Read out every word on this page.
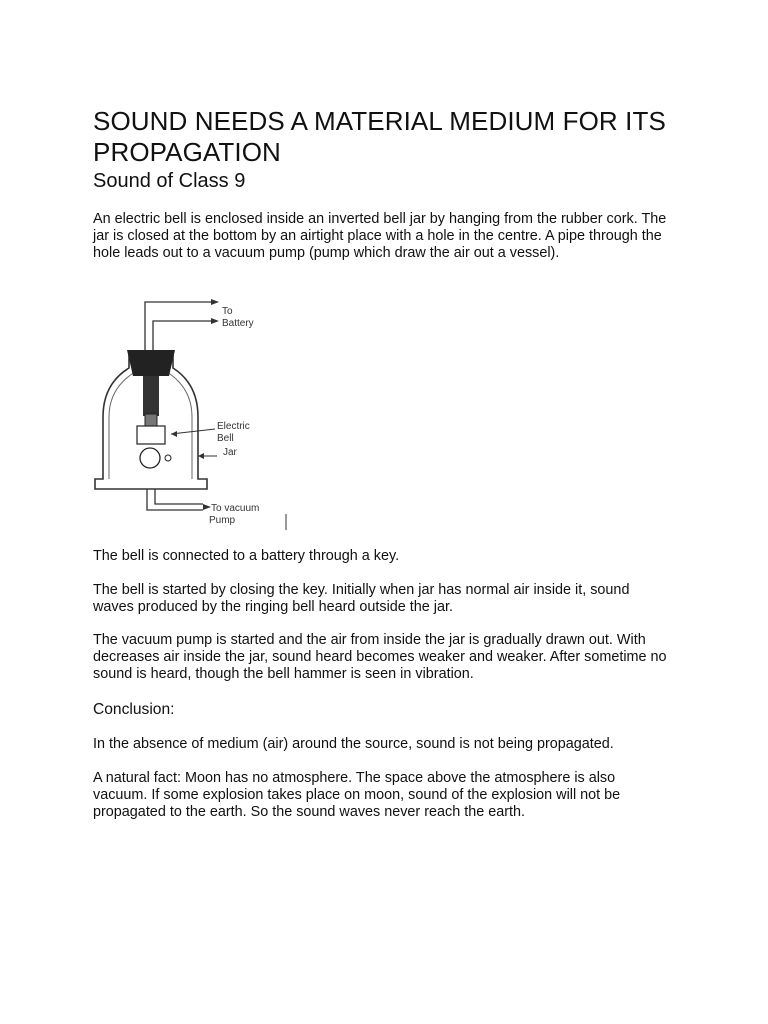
SOUND NEEDS A MATERIAL MEDIUM FOR ITS PROPAGATION
Sound of Class 9

An electric bell is enclosed inside an inverted bell jar by hanging from the rubber cork. The jar is closed at the bottom by an airtight place with a hole in the centre. A pipe through the hole leads out to a vacuum pump (pump which draw the air out a vessel).

To
Battery
Electric
Bell
Jar
To vacuum
Pump

The bell is connected to a battery through a key.

The bell is started by closing the key. Initially when jar has normal air inside it, sound waves produced by the ringing bell heard outside the jar.

The vacuum pump is started and the air from inside the jar is gradually drawn out. With decreases air inside the jar, sound heard becomes weaker and weaker. After sometime no sound is heard, though the bell hammer is seen in vibration.

Conclusion:

In the absence of medium (air) around the source, sound is not being propagated.

A natural fact: Moon has no atmosphere. The space above the atmosphere is also vacuum. If some explosion takes place on moon, sound of the explosion will not be propagated to the earth. So the sound waves never reach the earth.
